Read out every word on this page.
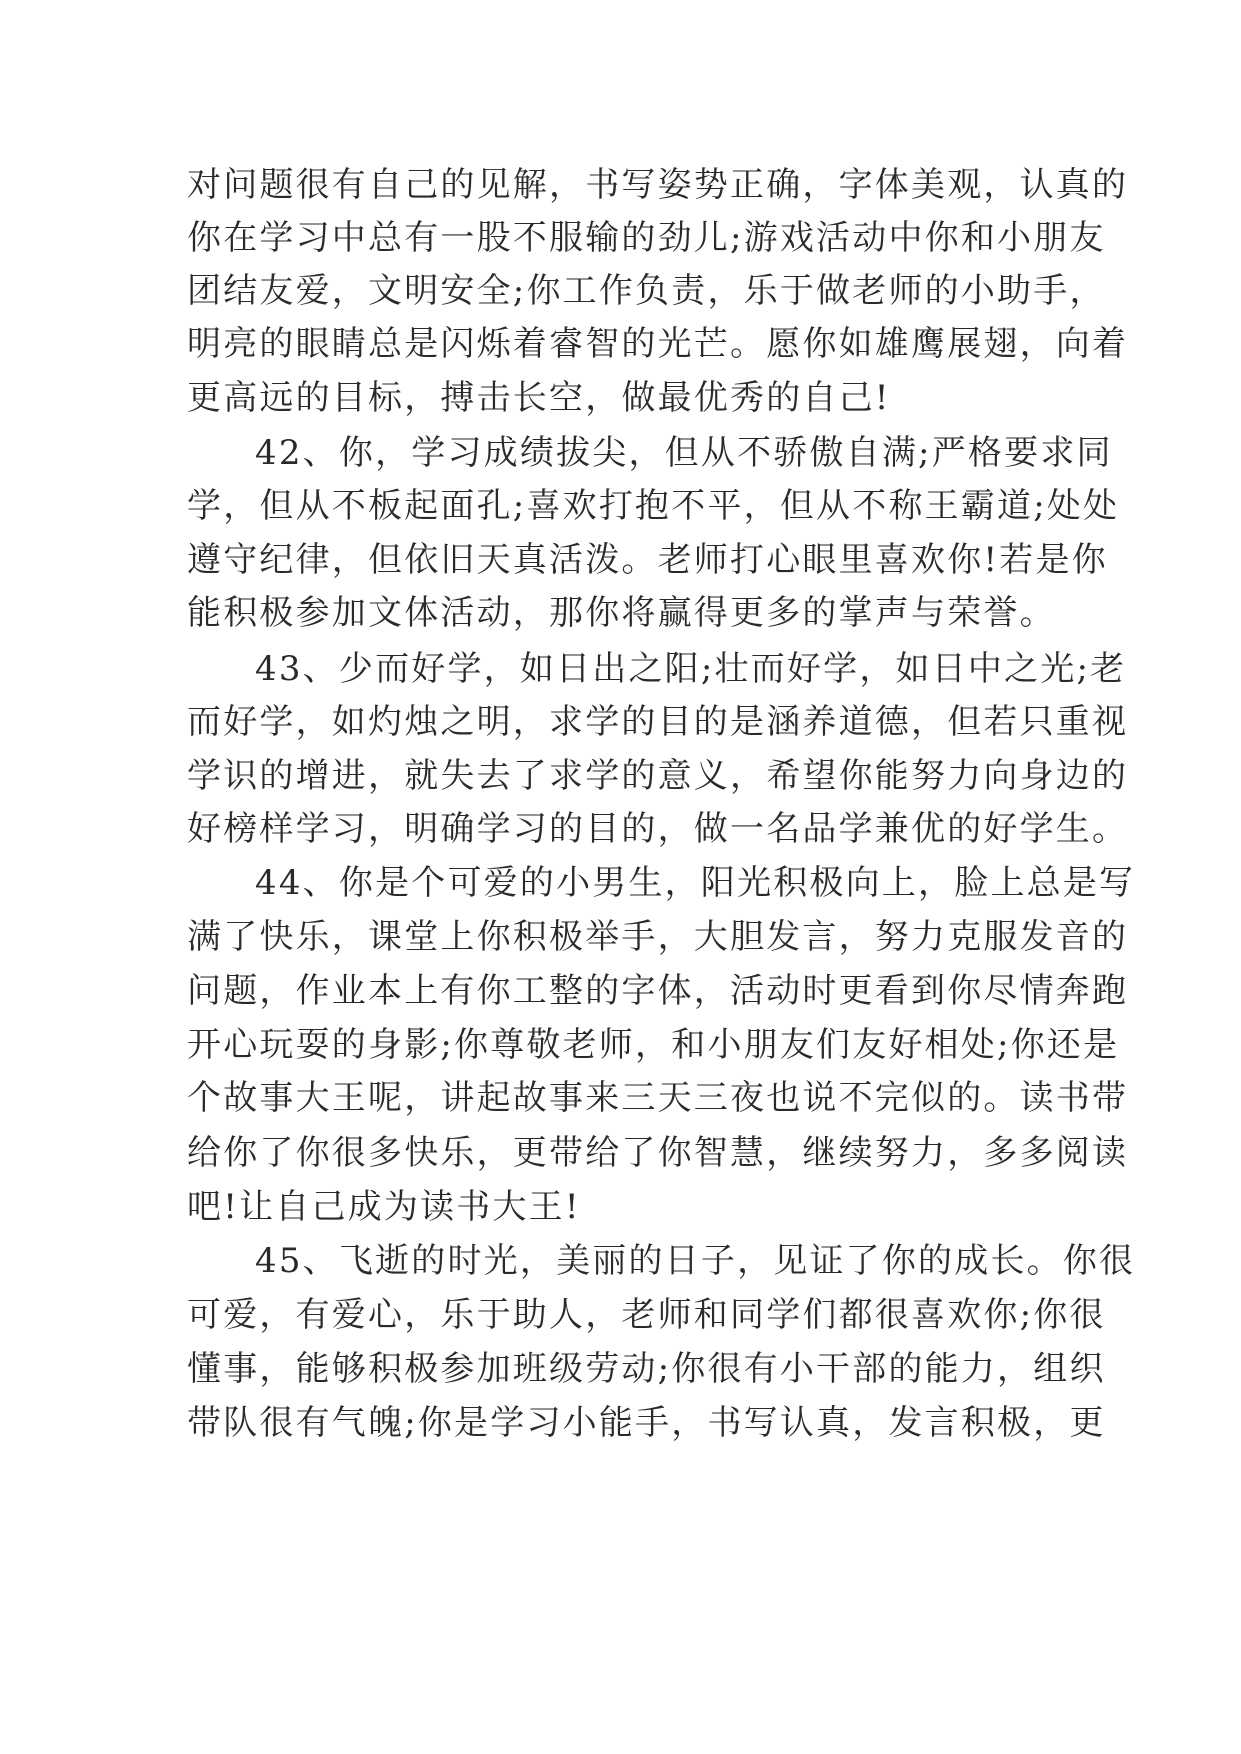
对问题很有自己的见解，书写姿势正确，字体美观，认真的
你在学习中总有一股不服输的劲儿;游戏活动中你和小朋友
团结友爱，文明安全;你工作负责，乐于做老师的小助手，
明亮的眼睛总是闪烁着睿智的光芒。愿你如雄鹰展翅，向着
更高远的目标，搏击长空，做最优秀的自己!
42、你，学习成绩拔尖，但从不骄傲自满;严格要求同
学，但从不板起面孔;喜欢打抱不平，但从不称王霸道;处处
遵守纪律，但依旧天真活泼。老师打心眼里喜欢你!若是你
能积极参加文体活动，那你将赢得更多的掌声与荣誉。
43、少而好学，如日出之阳;壮而好学，如日中之光;老
而好学，如灼烛之明，求学的目的是涵养道德，但若只重视
学识的增进，就失去了求学的意义，希望你能努力向身边的
好榜样学习，明确学习的目的，做一名品学兼优的好学生。
44、你是个可爱的小男生，阳光积极向上，脸上总是写
满了快乐，课堂上你积极举手，大胆发言，努力克服发音的
问题，作业本上有你工整的字体，活动时更看到你尽情奔跑
开心玩耍的身影;你尊敬老师，和小朋友们友好相处;你还是
个故事大王呢，讲起故事来三天三夜也说不完似的。读书带
给你了你很多快乐，更带给了你智慧，继续努力，多多阅读
吧!让自己成为读书大王!
45、飞逝的时光，美丽的日子，见证了你的成长。你很
可爱，有爱心，乐于助人，老师和同学们都很喜欢你;你很
懂事，能够积极参加班级劳动;你很有小干部的能力，组织
带队很有气魄;你是学习小能手，书写认真，发言积极，更
